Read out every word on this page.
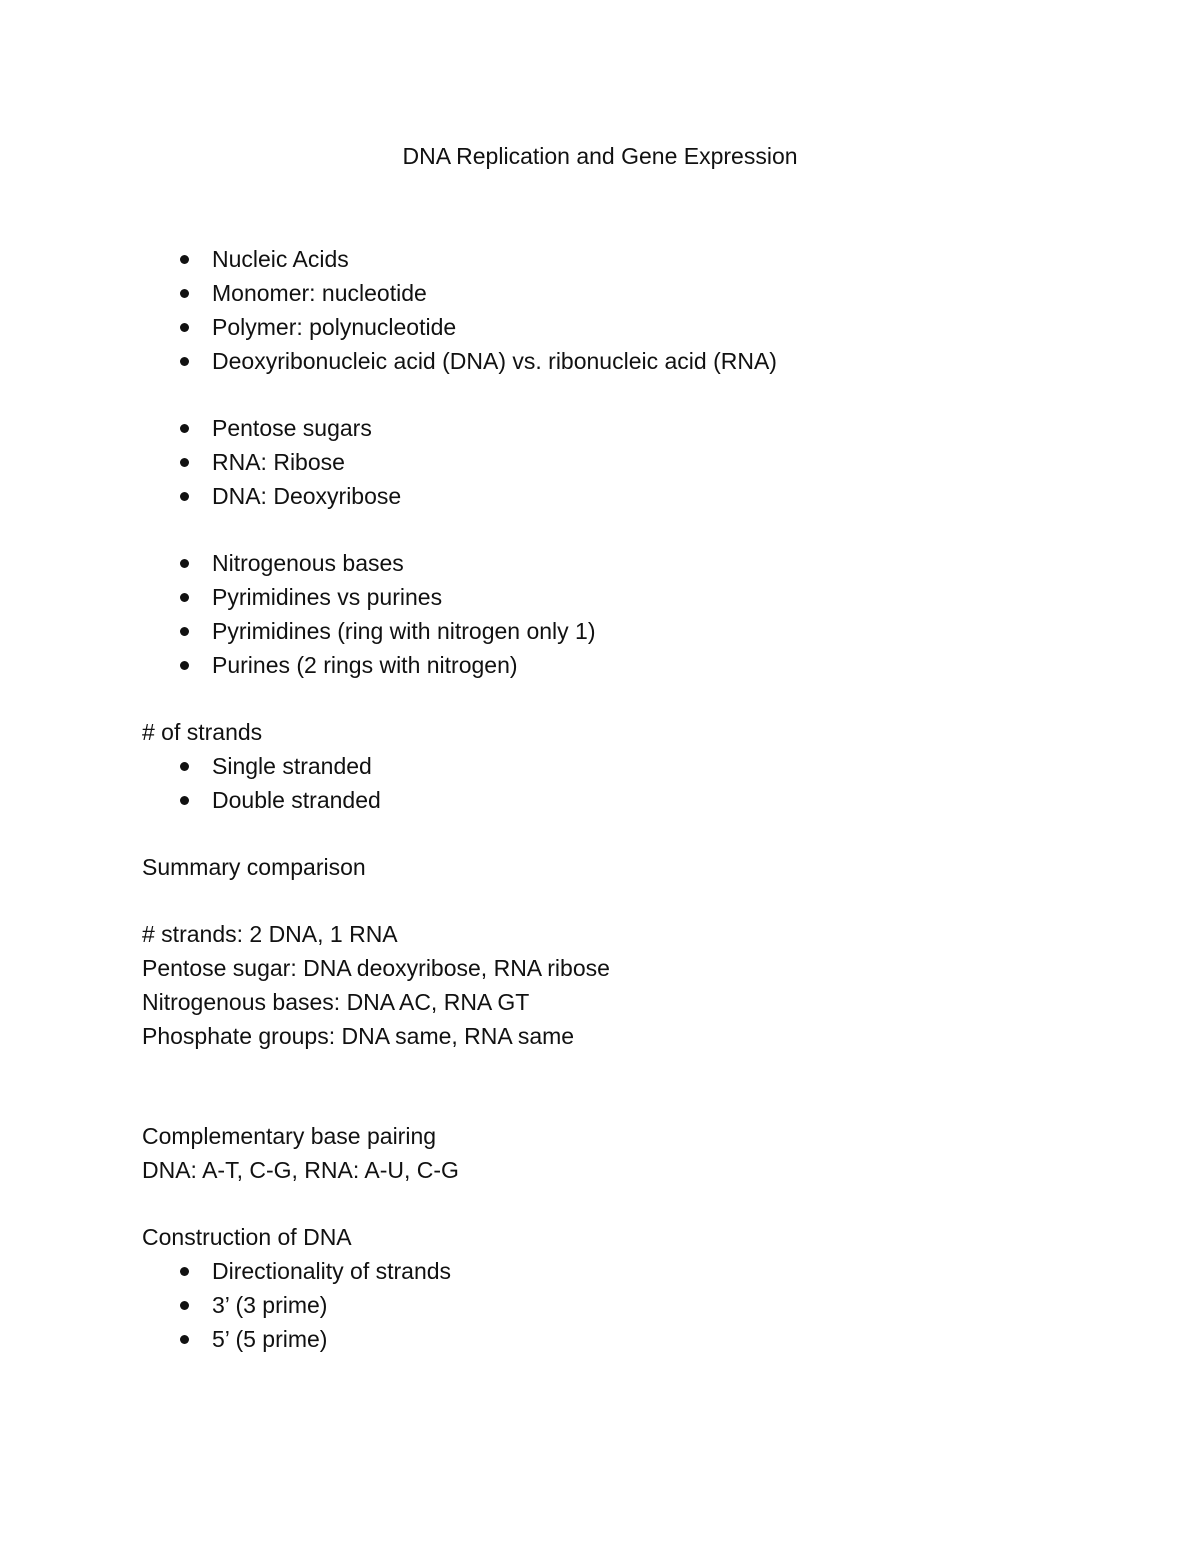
DNA Replication and Gene Expression
Nucleic Acids
Monomer: nucleotide
Polymer: polynucleotide
Deoxyribonucleic acid (DNA) vs. ribonucleic acid (RNA)
Pentose sugars
RNA: Ribose
DNA: Deoxyribose
Nitrogenous bases
Pyrimidines vs purines
Pyrimidines (ring with nitrogen only 1)
Purines (2 rings with nitrogen)
# of strands
Single stranded
Double stranded
Summary comparison
# strands: 2 DNA, 1 RNA
Pentose sugar: DNA deoxyribose, RNA ribose
Nitrogenous bases: DNA AC, RNA GT
Phosphate groups: DNA same, RNA same
Complementary base pairing
DNA: A-T, C-G, RNA: A-U, C-G
Construction of DNA
Directionality of strands
3’ (3 prime)
5’ (5 prime)
